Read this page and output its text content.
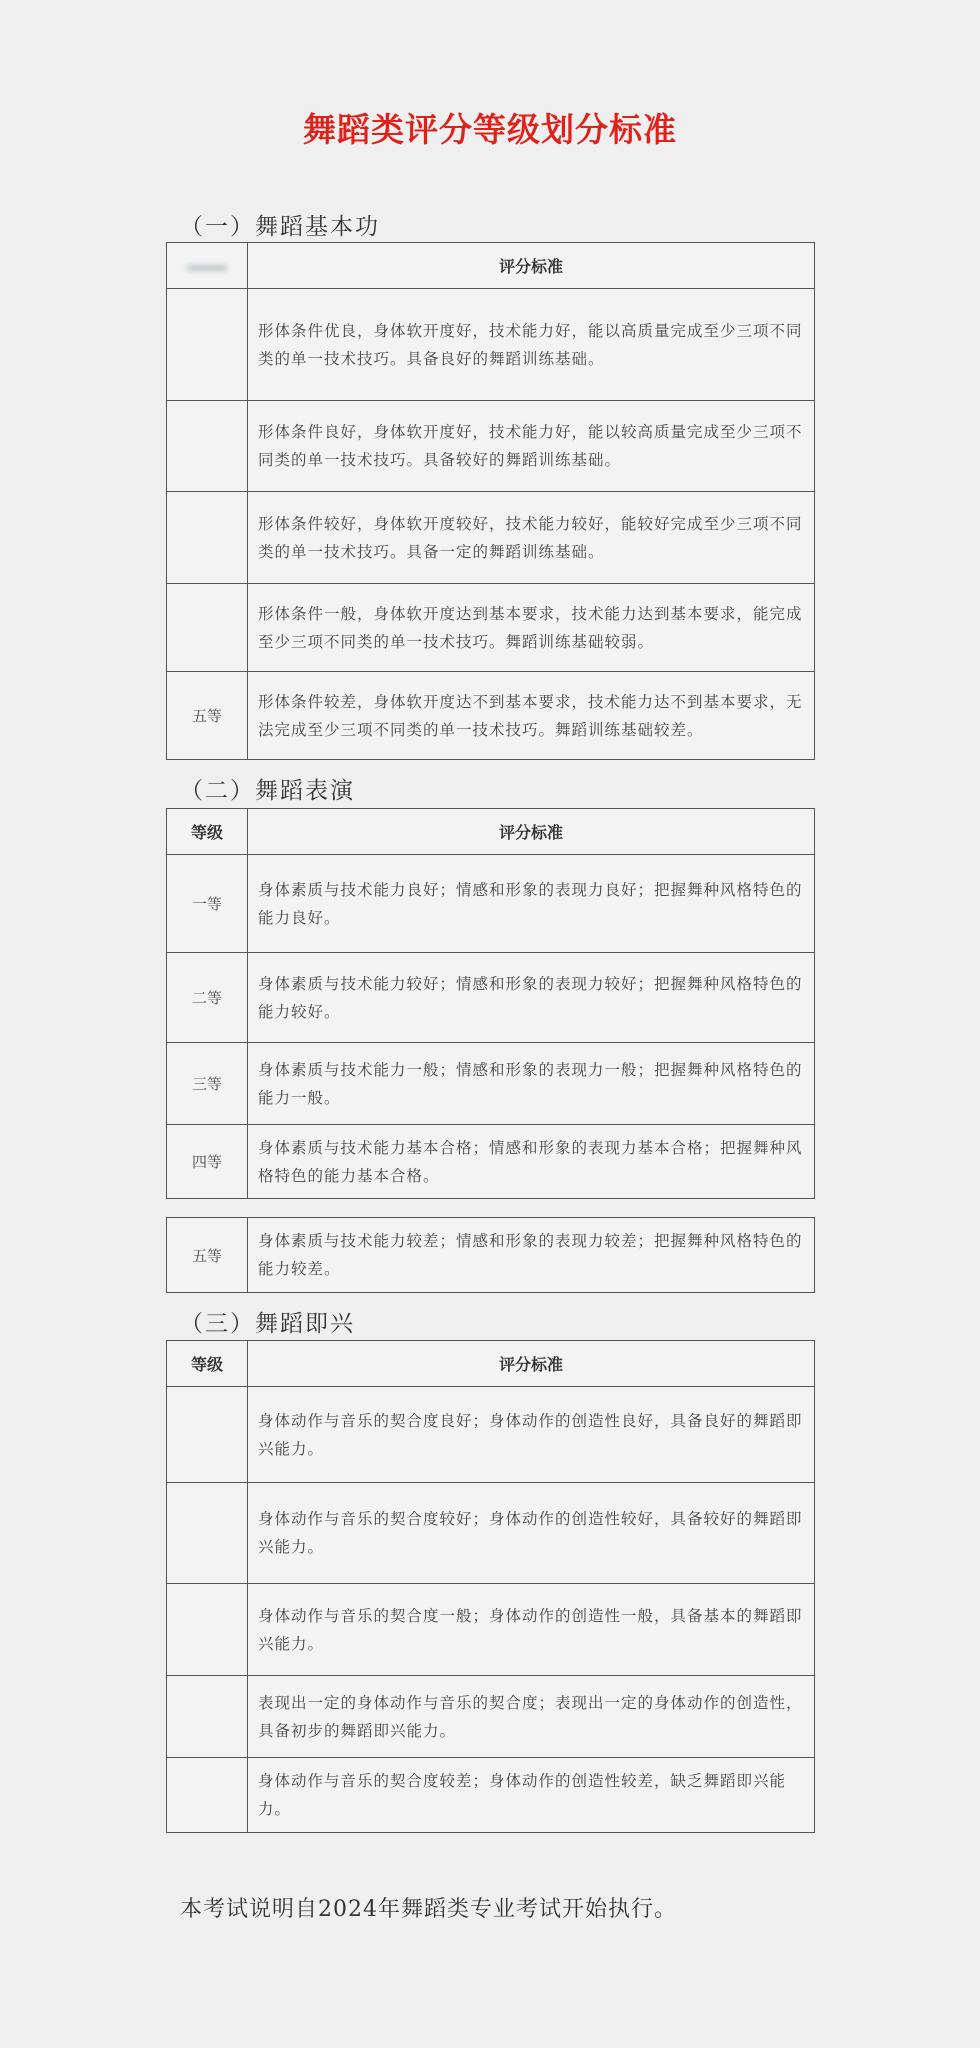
舞蹈类评分等级划分标准
（一）舞蹈基本功
	评分标准
	形体条件优良，身体软开度好，技术能力好，能以高质量完成至少三项不同类的单一技术技巧。具备良好的舞蹈训练基础。
	形体条件良好，身体软开度好，技术能力好，能以较高质量完成至少三项不同类的单一技术技巧。具备较好的舞蹈训练基础。
	形体条件较好，身体软开度较好，技术能力较好，能较好完成至少三项不同类的单一技术技巧。具备一定的舞蹈训练基础。
	形体条件一般，身体软开度达到基本要求，技术能力达到基本要求，能完成至少三项不同类的单一技术技巧。舞蹈训练基础较弱。
五等	形体条件较差，身体软开度达不到基本要求，技术能力达不到基本要求，无法完成至少三项不同类的单一技术技巧。舞蹈训练基础较差。
（二）舞蹈表演
等级	评分标准
一等	身体素质与技术能力良好；情感和形象的表现力良好；把握舞种风格特色的能力良好。
二等	身体素质与技术能力较好；情感和形象的表现力较好；把握舞种风格特色的能力较好。
三等	身体素质与技术能力一般；情感和形象的表现力一般；把握舞种风格特色的能力一般。
四等	身体素质与技术能力基本合格；情感和形象的表现力基本合格；把握舞种风格特色的能力基本合格。
五等	身体素质与技术能力较差；情感和形象的表现力较差；把握舞种风格特色的能力较差。
（三）舞蹈即兴
等级	评分标准
	身体动作与音乐的契合度良好；身体动作的创造性良好，具备良好的舞蹈即兴能力。
	身体动作与音乐的契合度较好；身体动作的创造性较好，具备较好的舞蹈即兴能力。
	身体动作与音乐的契合度一般；身体动作的创造性一般，具备基本的舞蹈即兴能力。
	表现出一定的身体动作与音乐的契合度；表现出一定的身体动作的创造性，具备初步的舞蹈即兴能力。
	身体动作与音乐的契合度较差；身体动作的创造性较差，缺乏舞蹈即兴能力。
本考试说明自2024年舞蹈类专业考试开始执行。
